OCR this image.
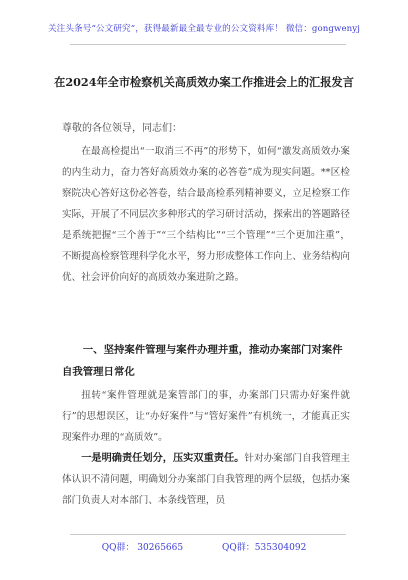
关注头条号“公文研究”，获得最新最全最专业的公文资料库！ 微信：gongwenyj
在2024年全市检察机关高质效办案工作推进会上的汇报发言
尊敬的各位领导，同志们：

在最高检提出“一取消三不再”的形势下，如何“激发高质效办案的内生动力，奋力答好高质效办案的必答卷”成为现实问题。**区检察院决心答好这份必答卷，结合最高检系列精神要义，立足检察工作实际，开展了不同层次多种形式的学习研讨活动，探索出的答题路径是系统把握“三个善于”“三个结构比”“三个管理”“三个更加注重”，不断提高检察管理科学化水平，努力形成整体工作向上、业务结构向优、社会评价向好的高质效办案进阶之路。

一、坚持案件管理与案件办理并重，推动办案部门对案件自我管理日常化

扭转“案件管理就是案管部门的事，办案部门只需办好案件就行”的思想误区，让“办好案件”与“管好案件”有机统一，才能真正实现案件办理的“高质效”。

一是明确责任划分，压实双重责任。针对办案部门自我管理主体认识不清问题，明确划分办案部门自我管理的两个层级，包括办案部门负责人对本部门、本条线管理，员

QQ群： 30265665	QQ群：535304092
